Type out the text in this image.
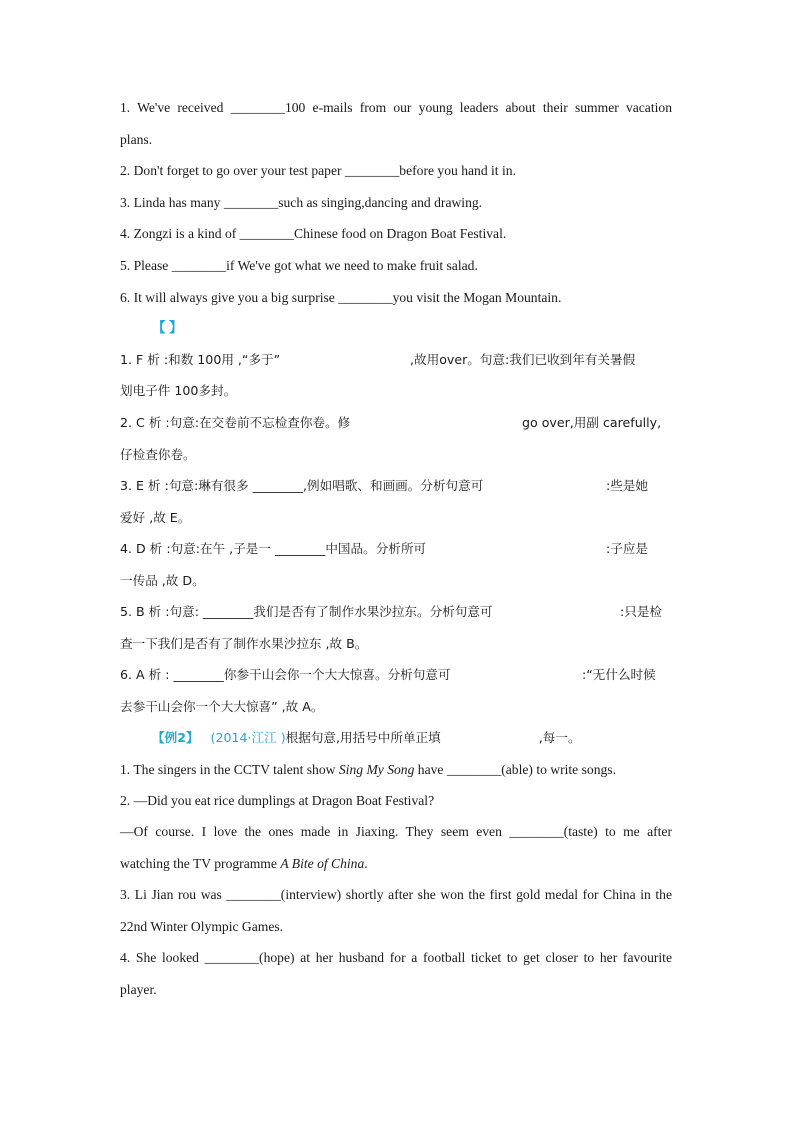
1. We've received ________100 e-mails from our young leaders about their summer vacation
plans.
2. Don't forget to go over your test paper ________before you hand it in.
3. Linda has many ________such as singing,dancing and drawing.
4. Zongzi is a kind of ________Chinese food on Dragon Boat Festival.
5. Please ________if We've got what we need to make fruit salad.
6. It will always give you a big surprise ________you visit the Mogan Mountain.
【 】
1. F 析 :和数 100用 ,“多于”	,故用over。句意:我们已收到年有关暑假
划电子件 100多封。
2. C 析 :句意:在交卷前不忘检查你卷。修	go over,用副 carefully,
仔检查你卷。
3. E 析 :句意:琳有很多 ________,例如唱歌、和画画。分析句意可	:些是她
爱好 ,故 E。
4. D 析 :句意:在午 ,子是一 ________中国品。分析所可	:子应是
一传品 ,故 D。
5. B 析 :句意: ________我们是否有了制作水果沙拉东。分析句意可	:只是检
查一下我们是否有了制作水果沙拉东 ,故 B。
6. A 析 : ________你参干山会你一个大大惊喜。分析句意可	:“无什么时候
去参干山会你一个大大惊喜” ,故 A。
【例2】 (2014·江江 )根据句意,用括号中所单正填	,每一。
1. The singers in the CCTV talent show Sing My Song have ________(able) to write songs.
2. —Did you eat rice dumplings at Dragon Boat Festival?
—Of course. I love the ones made in Jiaxing. They seem even ________(taste) to me after
watching the TV programme A Bite of China.
3. Li Jian rou was ________(interview) shortly after she won the first gold medal for China in the
22nd Winter Olympic Games.
4. She looked ________(hope) at her husband for a football ticket to get closer to her favourite
player.
